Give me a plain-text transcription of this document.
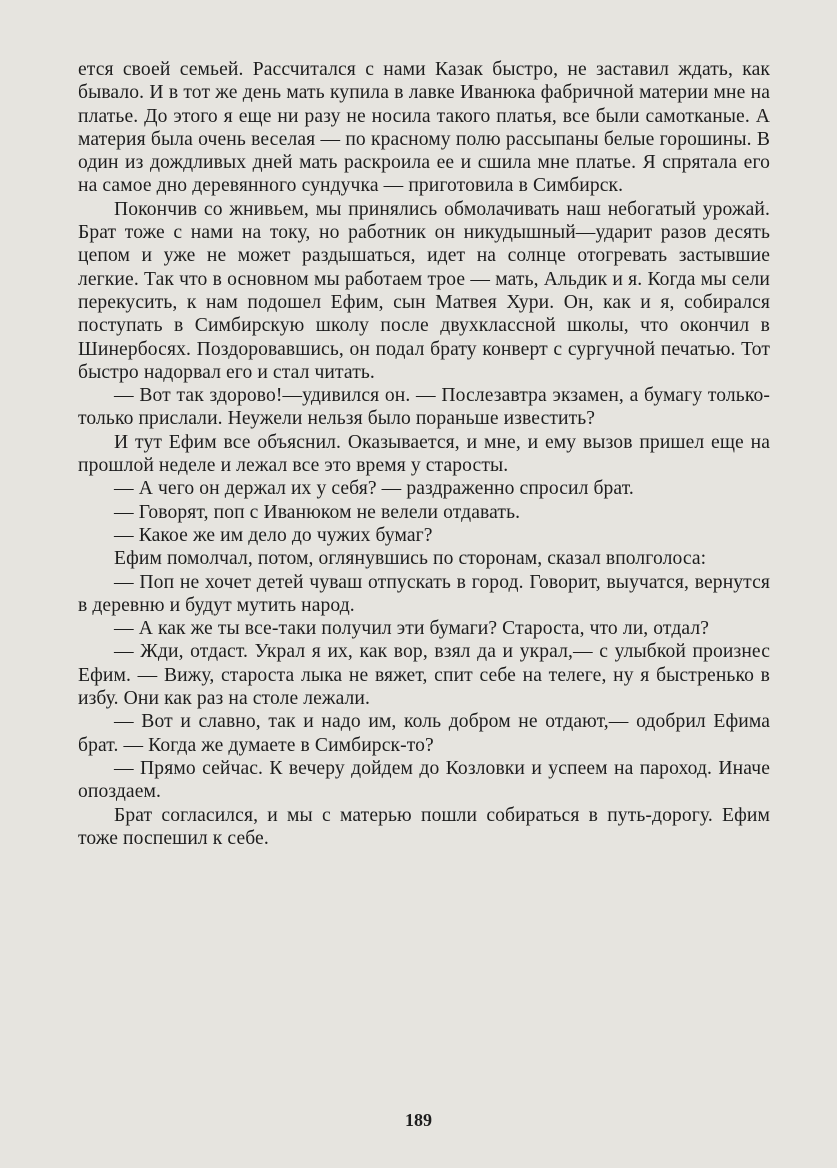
ется своей семьей. Рассчитался с нами Казак быстро, не заставил ждать, как бывало. И в тот же день мать купила в лавке Иванюка фабричной материи мне на платье. До этого я еще ни разу не носила такого платья, все были самотканые. А материя была очень веселая — по красному полю рассыпаны белые горошины. В один из дождливых дней мать раскроила ее и сшила мне платье. Я спрятала его на самое дно деревянного сундучка — приготовила в Симбирск.

Покончив со жнивьем, мы принялись обмолачивать наш небогатый урожай. Брат тоже с нами на току, но работник он никудышный—ударит разов десять цепом и уже не может раздышаться, идет на солнце отогревать застывшие легкие. Так что в основном мы работаем трое — мать, Альдик и я. Когда мы сели перекусить, к нам подошел Ефим, сын Матвея Хури. Он, как и я, собирался поступать в Симбирскую школу после двухклассной школы, что окончил в Шинербосях. Поздоровавшись, он подал брату конверт с сургучной печатью. Тот быстро надорвал его и стал читать.

— Вот так здорово!—удивился он. — Послезавтра экзамен, а бумагу только-только прислали. Неужели нельзя было пораньше известить?

И тут Ефим все объяснил. Оказывается, и мне, и ему вызов пришел еще на прошлой неделе и лежал все это время у старосты.

— А чего он держал их у себя? — раздраженно спросил брат.

— Говорят, поп с Иванюком не велели отдавать.

— Какое же им дело до чужих бумаг?

Ефим помолчал, потом, оглянувшись по сторонам, сказал вполголоса:

— Поп не хочет детей чуваш отпускать в город. Говорит, выучатся, вернутся в деревню и будут мутить народ.

— А как же ты все-таки получил эти бумаги? Староста, что ли, отдал?

— Жди, отдаст. Украл я их, как вор, взял да и украл,— с улыбкой произнес Ефим. — Вижу, староста лыка не вяжет, спит себе на телеге, ну я быстренько в избу. Они как раз на столе лежали.

— Вот и славно, так и надо им, коль добром не отдают,— одобрил Ефима брат. — Когда же думаете в Симбирск-то?

— Прямо сейчас. К вечеру дойдем до Козловки и успеем на пароход. Иначе опоздаем.

Брат согласился, и мы с матерью пошли собираться в путь-дорогу. Ефим тоже поспешил к себе.

189
